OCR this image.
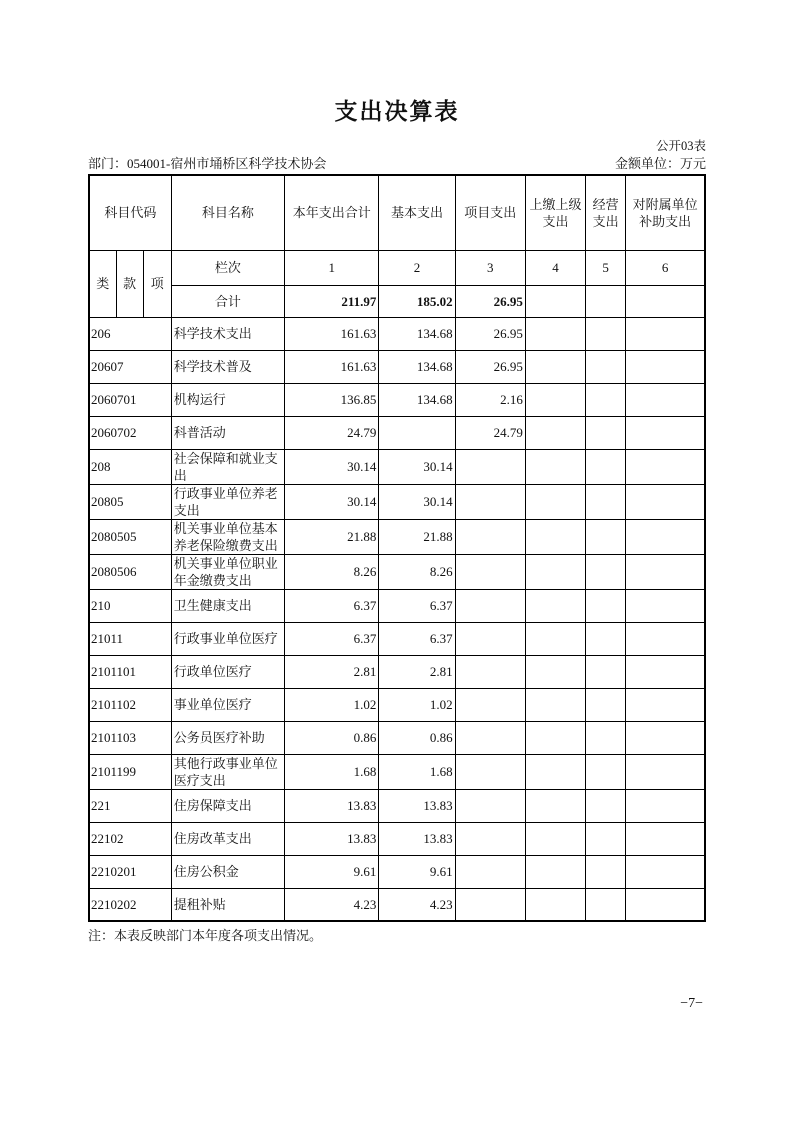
支出决算表
公开03表
部门：054001-宿州市埇桥区科学技术协会	金额单位：万元
科目代码			科目名称	本年支出合计	基本支出	项目支出	上缴上级支出	经营支出	对附属单位补助支出
类	款	项	栏次	1	2	3	4	5	6
			合计	211.97	185.02	26.95			
206			科学技术支出	161.63	134.68	26.95			
20607			科学技术普及	161.63	134.68	26.95			
2060701			机构运行	136.85	134.68	2.16			
2060702			科普活动	24.79		24.79			
208			社会保障和就业支出	30.14	30.14				
20805			行政事业单位养老支出	30.14	30.14				
2080505			机关事业单位基本养老保险缴费支出	21.88	21.88				
2080506			机关事业单位职业年金缴费支出	8.26	8.26				
210			卫生健康支出	6.37	6.37				
21011			行政事业单位医疗	6.37	6.37				
2101101			行政单位医疗	2.81	2.81				
2101102			事业单位医疗	1.02	1.02				
2101103			公务员医疗补助	0.86	0.86				
2101199			其他行政事业单位医疗支出	1.68	1.68				
221			住房保障支出	13.83	13.83				
22102			住房改革支出	13.83	13.83				
2210201			住房公积金	9.61	9.61				
2210202			提租补贴	4.23	4.23				
注：本表反映部门本年度各项支出情况。
−7−
